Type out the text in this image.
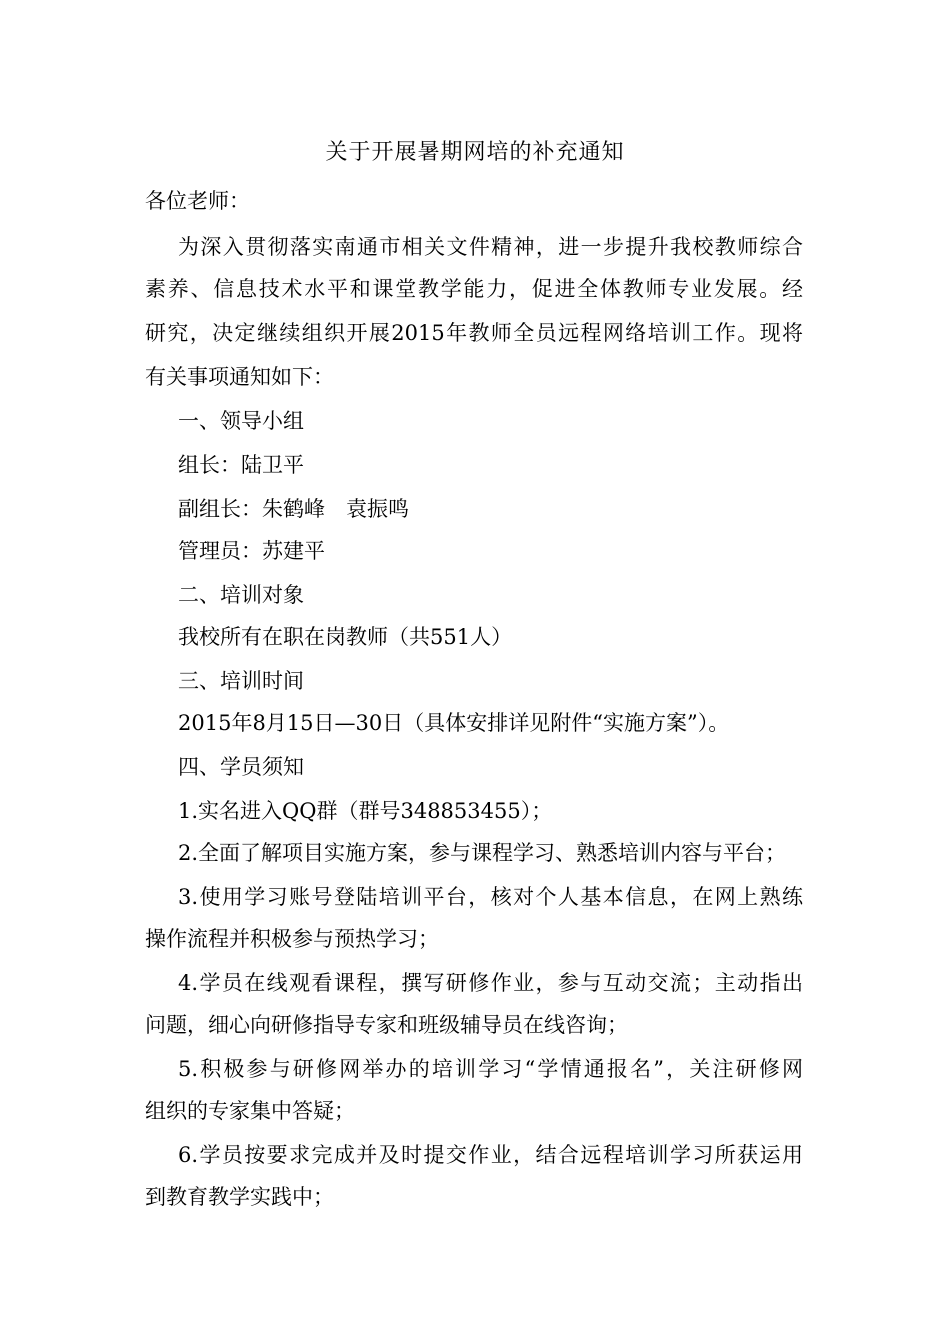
关于开展暑期网培的补充通知
各位老师：
为深入贯彻落实南通市相关文件精神，进一步提升我校教师综合
素养、信息技术水平和课堂教学能力，促进全体教师专业发展。经
研究，决定继续组织开展2015年教师全员远程网络培训工作。现将
有关事项通知如下：
一、领导小组
组长：陆卫平
副组长：朱鹤峰　袁振鸣
管理员：苏建平
二、培训对象
我校所有在职在岗教师（共551人）
三、培训时间
2015年8月15日—30日（具体安排详见附件“实施方案”）。
四、学员须知
1.实名进入QQ群（群号348853455）；
2.全面了解项目实施方案，参与课程学习、熟悉培训内容与平台；
3.使用学习账号登陆培训平台，核对个人基本信息，在网上熟练
操作流程并积极参与预热学习；
4.学员在线观看课程，撰写研修作业，参与互动交流；主动指出
问题，细心向研修指导专家和班级辅导员在线咨询；
5.积极参与研修网举办的培训学习“学情通报名”，关注研修网
组织的专家集中答疑；
6.学员按要求完成并及时提交作业，结合远程培训学习所获运用
到教育教学实践中；
